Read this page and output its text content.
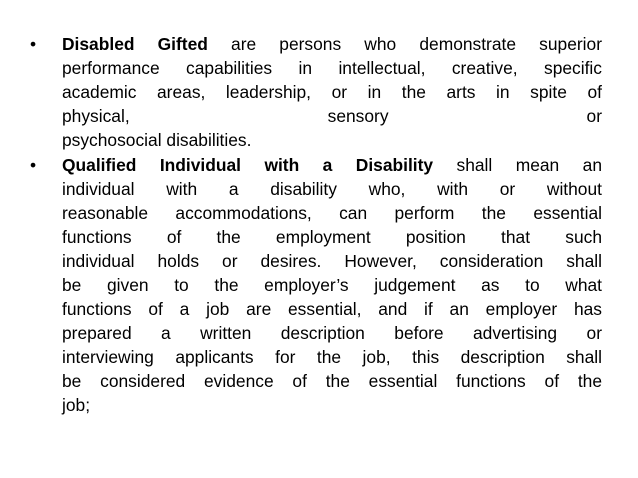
•	Disabled Gifted are persons who demonstrate superior
performance capabilities in intellectual, creative, specific
academic areas, leadership, or in the arts in spite of
physical, sensory or
psychosocial disabilities.
•	Qualified Individual with a Disability shall mean an
individual with a disability who, with or without
reasonable accommodations, can perform the essential
functions of the employment position that such
individual holds or desires. However, consideration shall
be given to the employer’s judgement as to what
functions of a job are essential, and if an employer has
prepared a written description before advertising or
interviewing applicants for the job, this description shall
be considered evidence of the essential functions of the
job;
